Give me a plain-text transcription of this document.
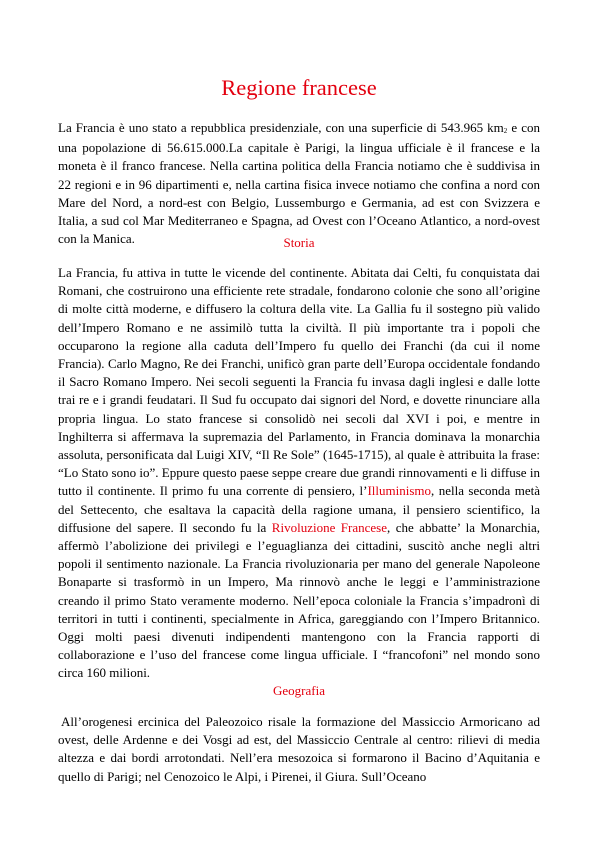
Regione francese

La Francia è uno stato a repubblica presidenziale, con una superficie di 543.965 $km_2$ e con una popolazione di 56.615.000.La capitale è Parigi, la lingua ufficiale è il francese e la moneta è il franco francese. Nella cartina politica della Francia notiamo che è suddivisa in 22 regioni e in 96 dipartimenti e, nella cartina fisica invece notiamo che confina a nord con Mare del Nord, a nord-est con Belgio, Lussemburgo e Germania, ad est con Svizzera e Italia, a sud col Mar Mediterraneo e Spagna, ad Ovest con l’Oceano Atlantico, a nord-ovest con la Manica.	Storia

La Francia, fu attiva in tutte le vicende del continente. Abitata dai Celti, fu conquistata dai Romani, che costruirono una efficiente rete stradale, fondarono colonie che sono all’origine di molte città moderne, e diffusero la coltura della vite. La Gallia fu il sostegno più valido dell’Impero Romano e ne assimilò tutta la civiltà. Il più importante tra i popoli che occuparono la regione alla caduta dell’Impero fu quello dei Franchi (da cui il nome Francia). Carlo Magno, Re dei Franchi, unificò gran parte dell’Europa occidentale fondando il Sacro Romano Impero. Nei secoli seguenti la Francia fu invasa dagli inglesi e dalle lotte trai re e i grandi feudatari. Il Sud fu occupato dai signori del Nord, e dovette rinunciare alla propria lingua. Lo stato francese si consolidò nei secoli dal XVI i poi, e mentre in Inghilterra si affermava la supremazia del Parlamento, in Francia dominava la monarchia assoluta, personificata dal Luigi XIV, “Il Re Sole” (1645-1715), al quale è attribuita la frase: “Lo Stato sono io”. Eppure questo paese seppe creare due grandi rinnovamenti e li diffuse in tutto il continente. Il primo fu una corrente di pensiero, l’Illuminismo, nella seconda metà del Settecento, che esaltava la capacità della ragione umana, il pensiero scientifico, la diffusione del sapere. Il secondo fu la Rivoluzione Francese, che abbatte’ la Monarchia, affermò l’abolizione dei privilegi e l’eguaglianza dei cittadini, suscitò anche negli altri popoli il sentimento nazionale. La Francia rivoluzionaria per mano del generale Napoleone Bonaparte si trasformò in un Impero, Ma rinnovò anche le leggi e l’amministrazione creando il primo Stato veramente moderno. Nell’epoca coloniale la Francia s’impadronì di territori in tutti i continenti, specialmente in Africa, gareggiando con l’Impero Britannico. Oggi molti paesi divenuti indipendenti mantengono con la Francia rapporti di collaborazione e l’uso del francese come lingua ufficiale. I “francofoni” nel mondo sono circa 160 milioni.

Geografia

All’orogenesi ercinica del Paleozoico risale la formazione del Massiccio Armoricano ad ovest, delle Ardenne e dei Vosgi ad est, del Massiccio Centrale al centro: rilievi di media altezza e dai bordi arrotondati. Nell’era mesozoica si formarono il Bacino d’Aquitania e quello di Parigi; nel Cenozoico le Alpi, i Pirenei, il Giura. Sull’Oceano
